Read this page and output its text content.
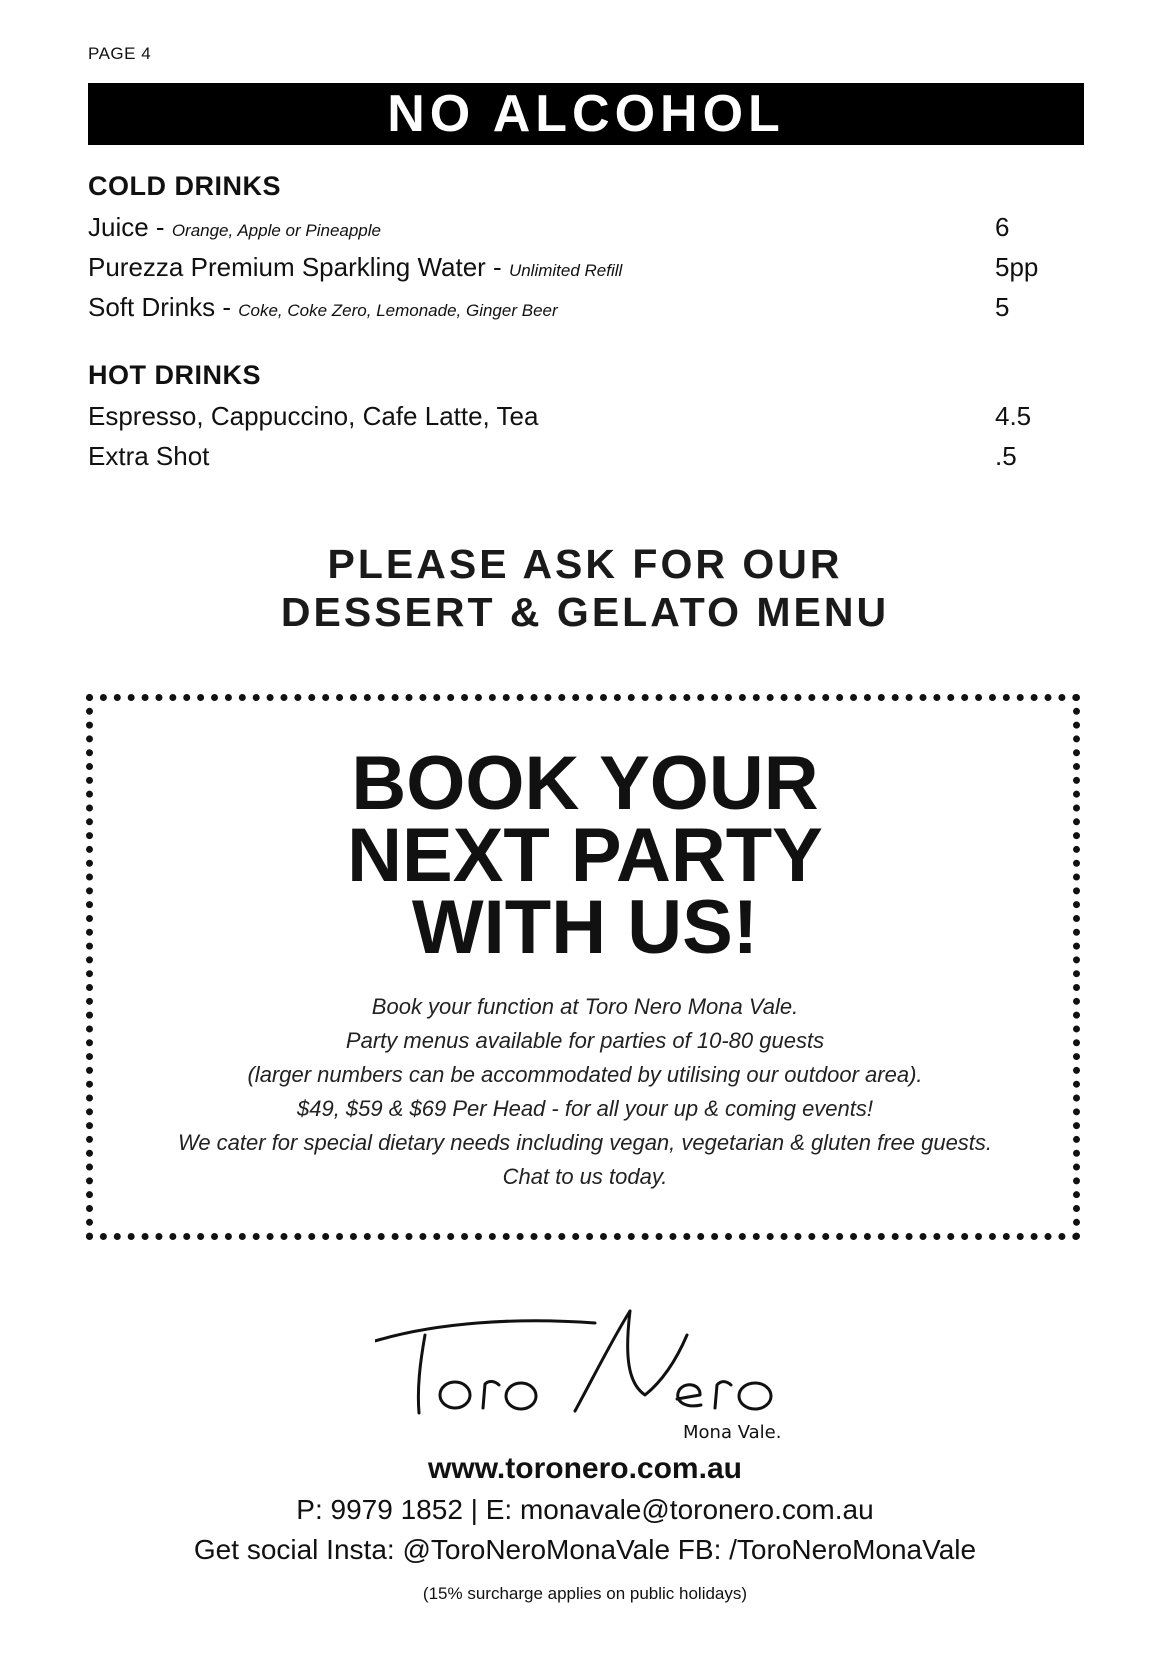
PAGE 4
NO ALCOHOL
COLD DRINKS
Juice - Orange, Apple or Pineapple	6
Purezza Premium Sparkling Water - Unlimited Refill	5pp
Soft Drinks - Coke, Coke Zero, Lemonade, Ginger Beer	5
HOT DRINKS
Espresso, Cappuccino, Cafe Latte, Tea	4.5
Extra Shot	.5
PLEASE ASK FOR OUR
DESSERT & GELATO MENU
BOOK YOUR
NEXT PARTY
WITH US!
Book your function at Toro Nero Mona Vale.
Party menus available for parties of 10-80 guests
(larger numbers can be accommodated by utilising our outdoor area).
$49, $59 & $69 Per Head - for all your up & coming events!
We cater for special dietary needs including vegan, vegetarian & gluten free guests.
Chat to us today.
Mona Vale.
www.toronero.com.au
P: 9979 1852 | E: monavale@toronero.com.au
Get social Insta: @ToroNeroMonaVale FB: /ToroNeroMonaVale
(15% surcharge applies on public holidays)
